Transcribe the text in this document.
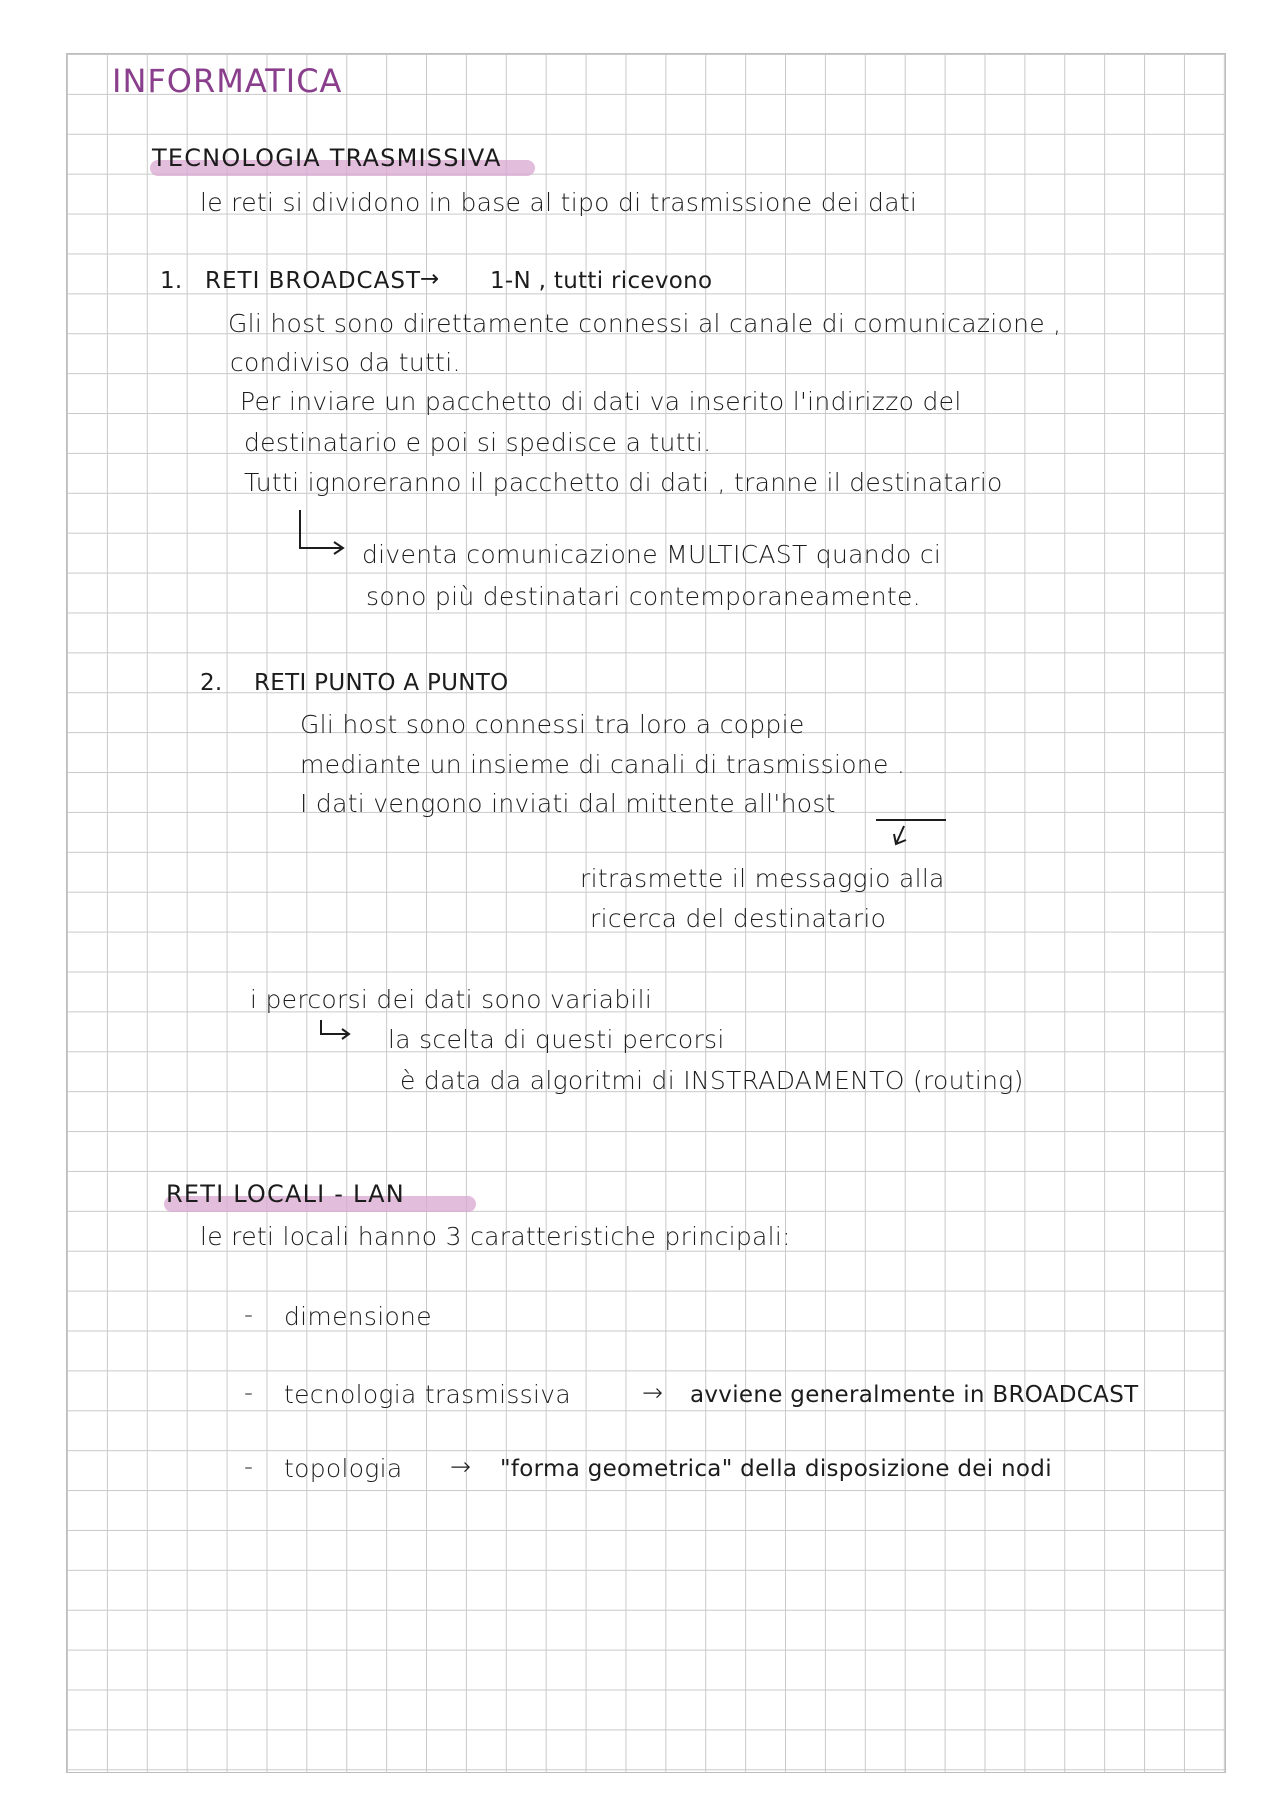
INFORMATICA
TECNOLOGIA TRASMISSIVA
le reti si dividono in base al tipo di trasmissione dei dati
1. RETI BROADCAST
→ 1-N , tutti ricevono
Gli host sono direttamente connessi al canale di comunicazione ,
condiviso da tutti.
Per inviare un pacchetto di dati va inserito l'indirizzo del
destinatario e poi si spedisce a tutti.
Tutti ignoreranno il pacchetto di dati , tranne il destinatario
diventa comunicazione MULTICAST quando ci
sono più destinatari contemporaneamente.
2. RETI PUNTO A PUNTO
Gli host sono connessi tra loro a coppie
mediante un insieme di canali di trasmissione .
I dati vengono inviati dal mittente all'host
ritrasmette il messaggio alla
ricerca del destinatario
i percorsi dei dati sono variabili
la scelta di questi percorsi
è data da algoritmi di INSTRADAMENTO (routing)
RETI LOCALI - LAN
le reti locali hanno 3 caratteristiche principali:
- dimensione
- tecnologia trasmissiva	→ avviene generalmente in BROADCAST
- topologia → "forma geometrica" della disposizione dei nodi
